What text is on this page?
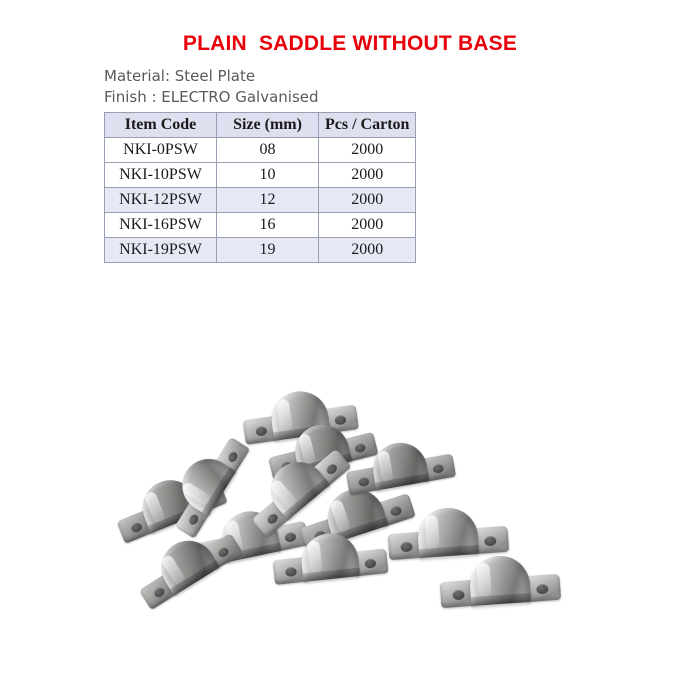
PLAIN  SADDLE WITHOUT BASE
Material: Steel Plate
Finish : ELECTRO Galvanised
Item Code	Size (mm)	Pcs / Carton
NKI-0PSW	08	2000
NKI-10PSW	10	2000
NKI-12PSW	12	2000
NKI-16PSW	16	2000
NKI-19PSW	19	2000
